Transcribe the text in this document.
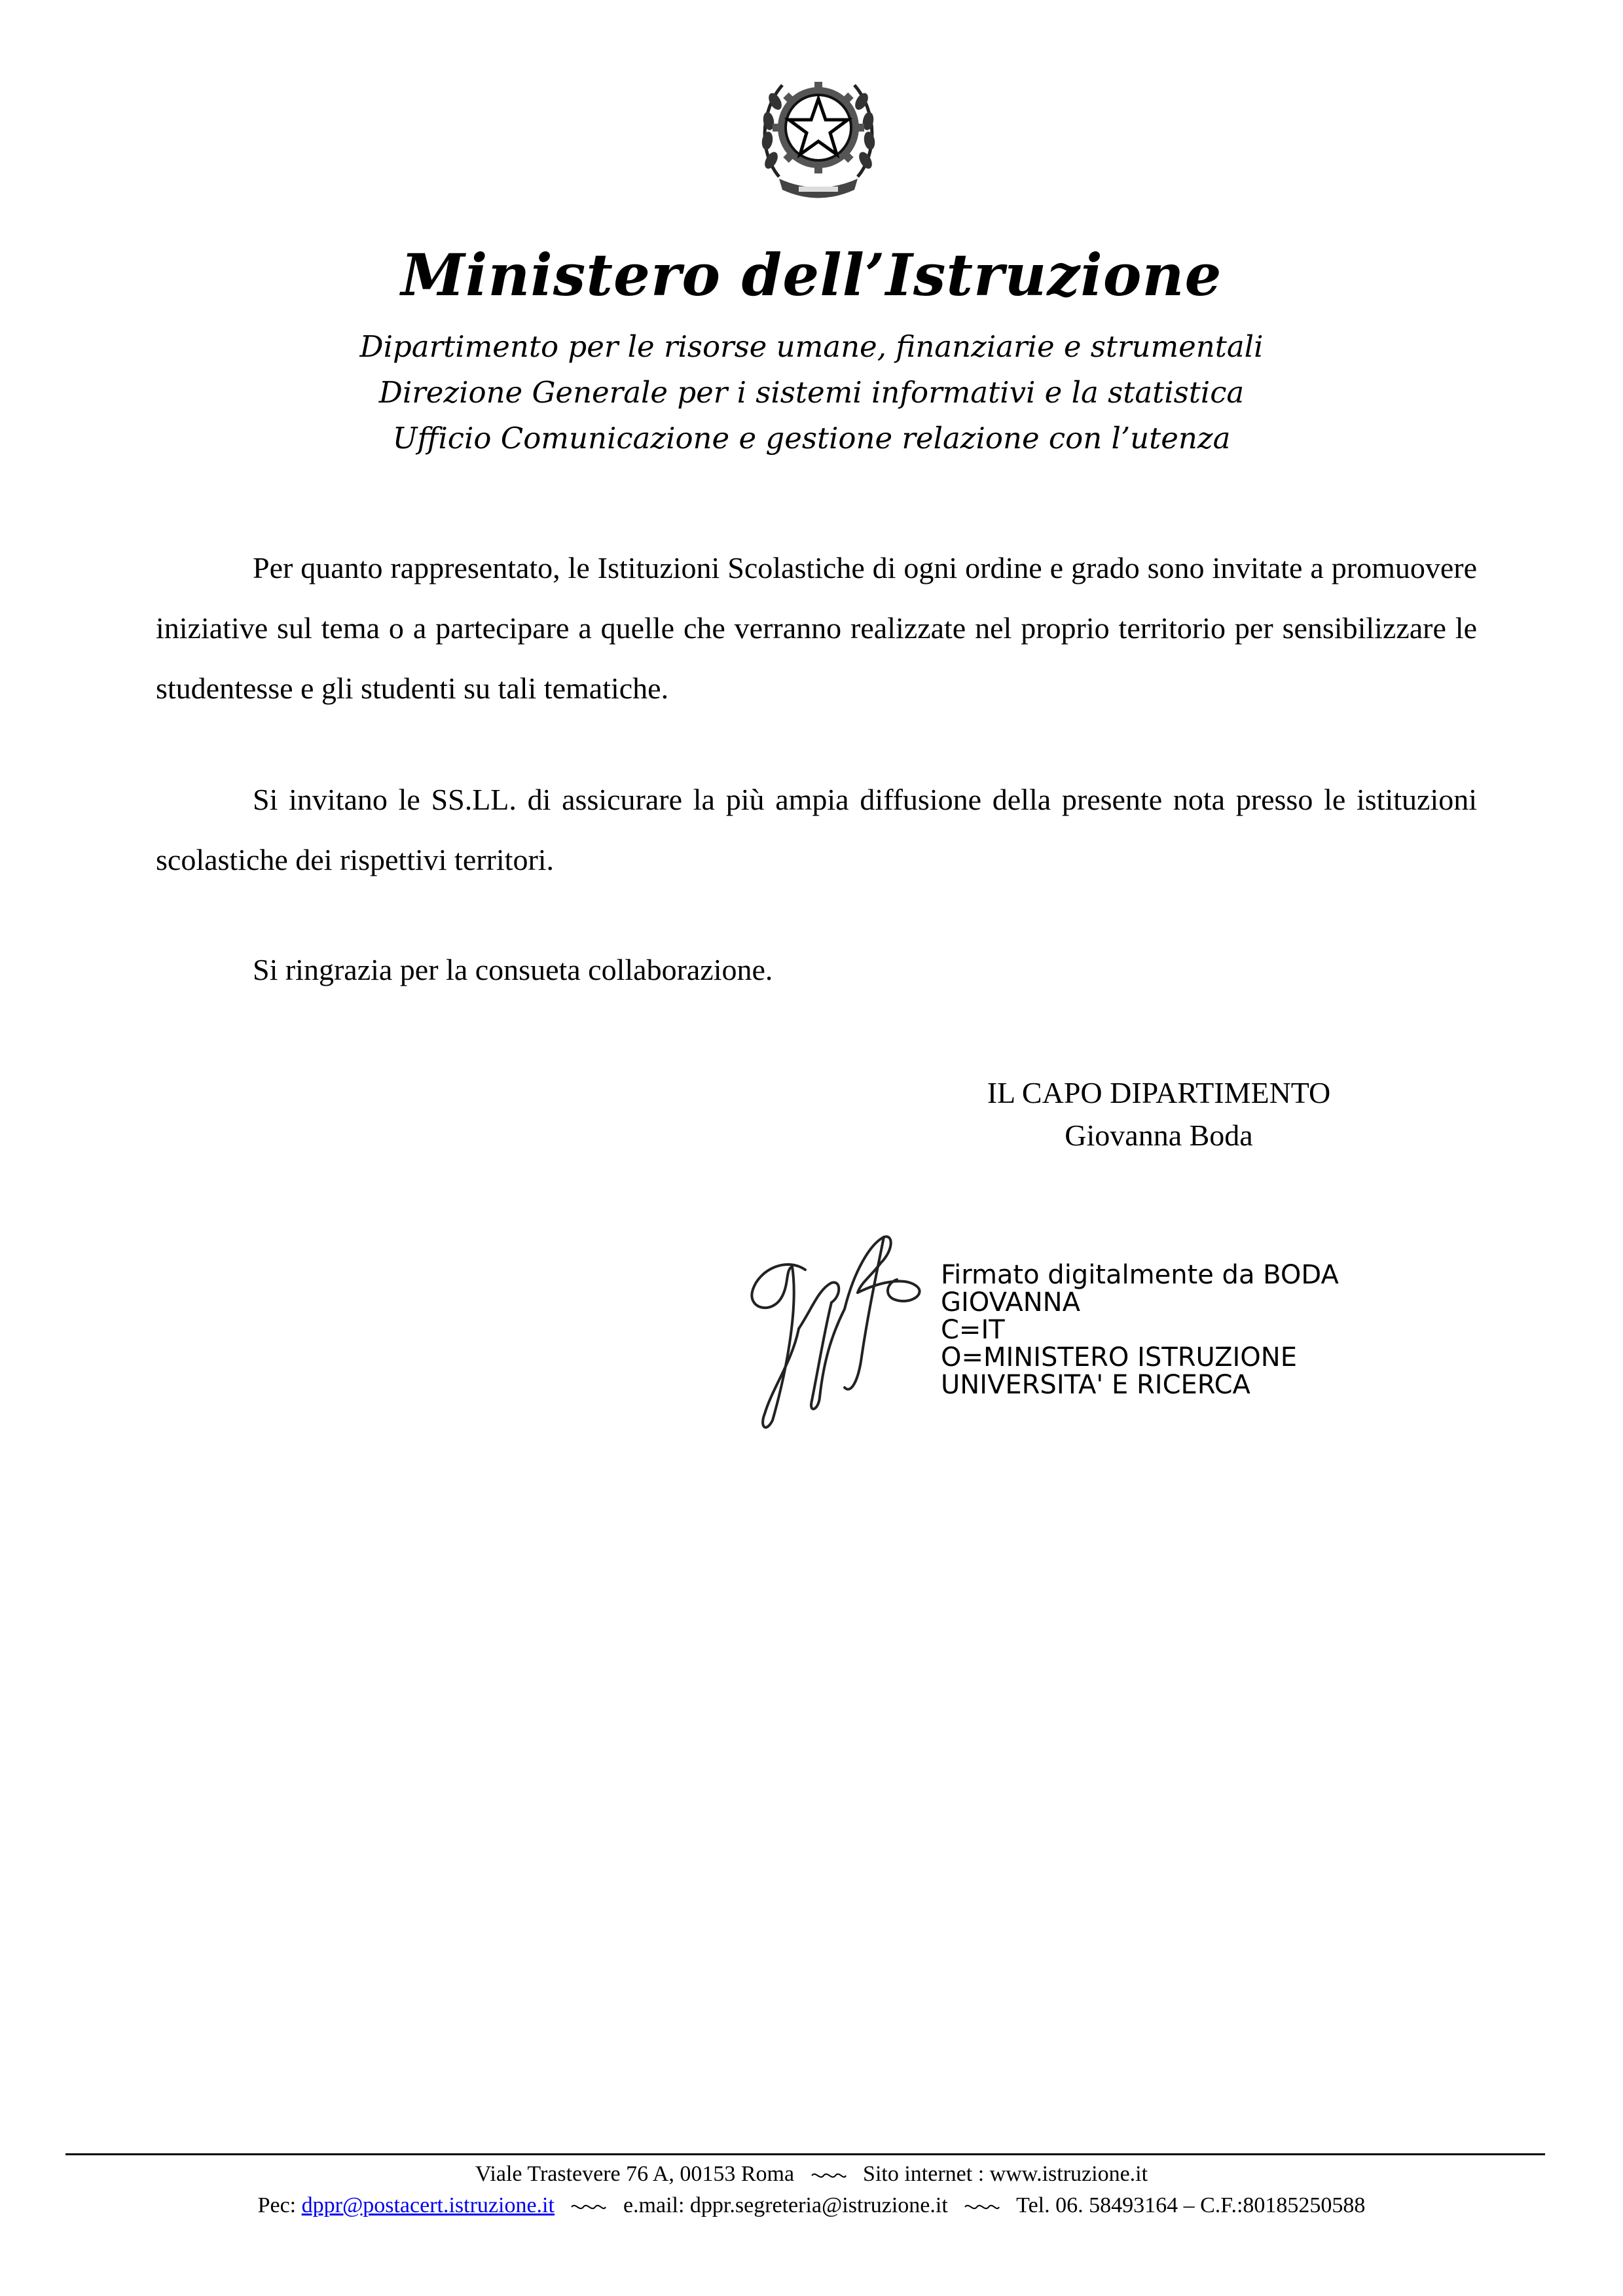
Ministero dell’Istruzione
Dipartimento per le risorse umane, finanziarie e strumentali
Direzione Generale per i sistemi informativi e la statistica
Ufficio Comunicazione e gestione relazione con l’utenza

Per quanto rappresentato, le Istituzioni Scolastiche di ogni ordine e grado sono invitate a promuovere iniziative sul tema o a partecipare a quelle che verranno realizzate nel proprio territorio per sensibilizzare le studentesse e gli studenti su tali tematiche.

Si invitano le SS.LL. di assicurare la più ampia diffusione della presente nota presso le istituzioni scolastiche dei rispettivi territori.

Si ringrazia per la consueta collaborazione.

IL CAPO DIPARTIMENTO
Giovanna Boda
Firmato digitalmente da BODA
GIOVANNA
C=IT
O=MINISTERO ISTRUZIONE
UNIVERSITA' E RICERCA
Viale Trastevere 76 A, 00153 Roma	Sito internet : www.istruzione.it
Pec: dppr@postacert.istruzione.it	e.mail: dppr.segreteria@istruzione.it	Tel. 06. 58493164 – C.F.:80185250588
